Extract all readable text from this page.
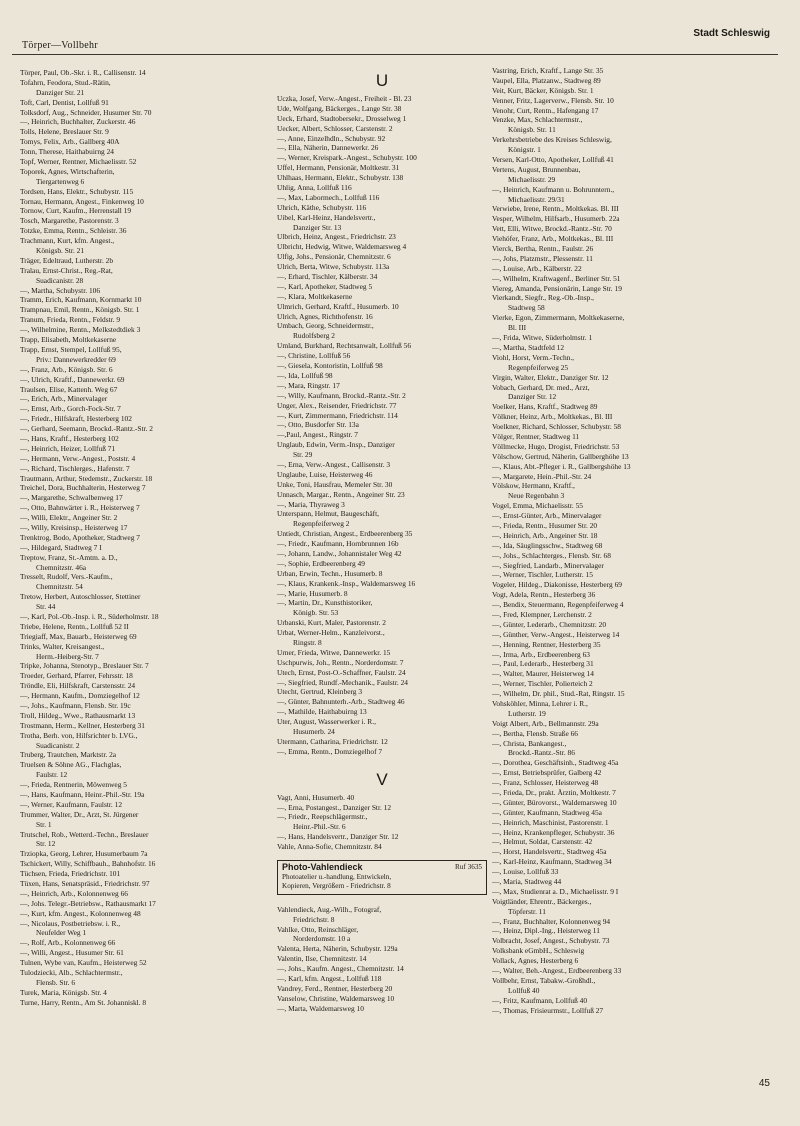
Törper—Vollbehr
Stadt Schleswig
Törper, Paul, Ob.-Skr. i. R., Callisenstr. 14
Tofahrn, Feodora, Stud.-Rätin,
Danziger Str. 21
Toft, Carl, Dentist, Lollfuß 91
Tolksdorf, Aug., Schneider, Husumer Str. 70
—, Heinrich, Buchhalter, Zuckerstr. 46
Tolls, Helene, Breslauer Str. 9
Tomys, Felix, Arb., Gallberg 40A
Tonn, Therese, Haithabuirng 24
Topf, Werner, Rentner, Michaelisstr. 52
Toporek, Agnes, Wirtschafterin,
Tiergartenweg 6
Tordsen, Hans, Elektr., Schubystr. 115
Tornau, Hermann, Angest., Finkenweg 10
Tornow, Curt, Kaufm., Herrenstall 19
Tosch, Margarethe, Pastorenstr. 3
Totzke, Emma, Rentn., Schleistr. 36
Trachmann, Kurt, kfm. Angest.,
Königsb. Str. 21
Träger, Edeltraud, Lutherstr. 2b
Tralau, Ernst-Christ., Reg.-Rat,
Suadicanistr. 28
—, Martha, Schubystr. 106
Tramm, Erich, Kaufmann, Kornmarkt 10
Trampnau, Emil, Rentn., Königsb. Str. 1
Tranum, Frieda, Rentn., Feldstr. 9
—, Wilhelmine, Rentn., Melkstedtdiek 3
Trapp, Elisabeth, Moltkekaserne
Trapp, Ernst, Stempel, Lollfuß 95,
Priv.: Dannewerkredder 69
—, Franz, Arb., Königsb. Str. 6
—, Ulrich, Kraftf., Dannewerkr. 69
Traulsen, Elise, Kattenh. Weg 67
—, Erich, Arb., Minervalager
—, Ernst, Arb., Gorch-Fock-Str. 7
—, Friedr., Hilfskraft, Hesterberg 102
—, Gerhard, Seemann, Brockd.-Rantz.-Str. 2
—, Hans, Kraftf., Hesterberg 102
—, Heinrich, Heizer, Lollfuß 71
—, Hermann, Verw.-Angest., Poststr. 4
—, Richard, Tischlerges., Hafenstr. 7
Trautmann, Arthur, Stedemstr., Zuckerstr. 18
Treichel, Dora, Buchhalterin, Hesterweg 7
—, Margarethe, Schwalbenweg 17
—, Otto, Bahnwärter i. R., Heisterweg 7
—, Willi, Elektr., Angeiner Str. 2
—, Willy, Kreisinsp., Heisterweg 17
Trenktrog, Bodo, Apotheker, Stadtweg 7
—, Hildegard, Stadtweg 7 I
Treptow, Franz, St.-Amtm. a. D.,
Chemnitzstr. 46a
Tresselt, Rudolf, Vers.-Kaufm.,
Chemnitzstr. 54
Tretow, Herbert, Autoschlosser, Stettiner
Str. 44
—, Karl, Pol.-Ob.-Insp. i. R., Süderholmstr. 18
Triebe, Helene, Rentn., Lollfuß 52 II
Triegiaff, Max, Bauarb., Heisterweg 69
Trinks, Walter, Kreisangest.,
Herm.-Heiberg-Str. 7
Tripke, Johanna, Stenotyp., Breslauer Str. 7
Troeder, Gerhard, Pfarrer, Fehrsstr. 18
Tröndle, Eli, Hilfskraft, Carstensstr. 24
—, Hermann, Kaufm., Domziegelhof 12
—, Johs., Kaufmann, Flensb. Str. 19c
Troll, Hildeg., Wwe., Rathausmarkt 13
Trostmann, Herm., Kellner, Hesterberg 31
Trotha, Berh. von, Hilfsrichter b. LVG.,
Suadicanistr. 2
Truberg, Trautchen, Marktstr. 2a
Truelsen & Söhne AG., Flachglas,
Faulstr. 12
—, Frieda, Rentnerin, Möwenweg 5
—, Hans, Kaufmann, Heinr.-Phil.-Str. 19a
—, Werner, Kaufmann, Faulstr. 12
Trummer, Walter, Dr., Arzt, St. Jürgener
Str. 1
Trutschel, Rob., Wetterd.-Techn., Breslauer
Str. 12
Trziopka, Georg, Lehrer, Husumerbaum 7a
Tschickert, Willy, Schiffbauh., Bahnhofstr. 16
Tüchsen, Frieda, Friedrichstr. 101
Tüxen, Hans, Senatspräsid., Friedrichstr. 97
—, Heinrich, Arb., Kolonnenweg 66
—, Johs. Telegr.-Betriebsw., Rathausmarkt 17
—, Kurt, kfm. Angest., Kolonnenweg 48
—, Nicolaus, Postbetriebsw. i. R.,
Neufelder Weg 1
—, Rolf, Arb., Kolonnenweg 66
—, Willi, Angest., Husumer Str. 61
Tulnen, Wybe van, Kaufm., Heisterweg 52
Tulodziecki, Alb., Schlachtermstr.,
Flensb. Str. 6
Turek, Maria, Königsb. Str. 4
Turne, Harry, Rentn., Am St. Johanniskl. 8
U
Uczka, Josef, Verw.-Angest., Freiheit - Bl. 23
Ude, Wolfgang, Bäckerges., Lange Str. 38
Ueck, Erhard, Stadtobersekr., Drosselweg 1
Uecker, Albert, Schlosser, Carstenstr. 2
—, Anne, Einzelhdln., Schubystr. 92
—, Ella, Näherin, Dannewerkr. 26
—, Werner, Kreispark.-Angest., Schubystr. 100
Uffel, Hermann, Pensionär, Moltkestr. 31
Uhlhaas, Hermann, Elektr., Schubystr. 138
Uhlig, Anna, Lollfuß 116
—, Max, Labormech., Lollfuß 116
Uhrich, Käthe, Schubystr. 116
Uibel, Karl-Heinz, Handelsvertr.,
Danziger Str. 13
Ulbrich, Heinz, Angest., Friedrichstr. 23
Ulbricht, Hedwig, Witwe, Waldemarsweg 4
Ulfig, Johs., Pensionär, Chemnitzstr. 6
Ulrich, Berta, Witwe, Schubystr. 113a
—, Erhard, Tischler, Kälberstr. 34
—, Karl, Apotheker, Stadtweg 5
—, Klara, Moltkekaserne
Ulmrich, Gerhard, Kraftf., Husumerb. 10
Ulrich, Agnes, Richthofenstr. 16
Umbach, Georg, Schneidermstr.,
Rudolfsberg 2
Umland, Burkhard, Rechtsanwalt, Lollfuß 56
—, Christine, Lollfuß 56
—, Giesela, Kontoristin, Lollfuß 98
—, Ida, Lollfuß 98
—, Mara, Ringstr. 17
—, Willy, Kaufmann, Brockd.-Rantz.-Str. 2
Unger, Alex., Reisender, Friedrichstr. 77
—, Kurt, Zimmermann, Friedrichstr. 114
—, Otto, Busdorfer Str. 13a
—,Paul, Angest., Ringstr. 7
Unglaub, Edwin, Verm.-Insp., Danziger
Str. 29
—, Erna, Verw.-Angest., Callisenstr. 3
Unglaube, Luise, Heisterweg 46
Unke, Toni, Hausfrau, Memeler Str. 30
Unnasch, Margar., Rentn., Angeiner Str. 23
—, Maria, Thyraweg 3
Unterspann, Helmut, Baugeschäft,
Regenpfeiferweg 2
Untiedt, Christian, Angest., Erdbeerenberg 35
—, Friedr., Kaufmann, Hornbrunnen 16b
—, Johann, Landw., Johannistaler Weg 42
—, Sophie, Erdbeerenberg 49
Urban, Erwin, Techn., Husumerb. 8
—, Klaus, Krankenk.-Insp., Waldemarsweg 16
—, Marie, Husumerb. 8
—, Martin, Dr., Kunsthistoriker,
Königb. Str. 53
Urbanski, Kurt, Maler, Pastorenstr. 2
Urbat, Werner-Helm., Kanzleivorst.,
Ringstr. 8
Urner, Frieda, Witwe, Dannewerkr. 15
Uschpurwis, Joh., Rentn., Norderdomstr. 7
Utech, Ernst, Post-O.-Schaffner, Faulstr. 24
—, Siegfried, Rundf.-Mechanik., Faulstr. 24
Utecht, Gertrud, Kleinberg 3
—, Günter, Bahnunterh.-Arb., Stadtweg 46
—, Mathilde, Haithabuirng 13
Uter, August, Wasserwerker i. R.,
Husumerb. 24
Utermann, Catharina, Friedrichstr. 12
—, Emma, Rentn., Domziegelhof 7
V
Vagt, Anni, Husumerb. 40
—, Erna, Postangest., Danziger Str. 12
—, Friedr., Reepschlägermstr.,
Heinr.-Phil.-Str. 6
—, Hans, Handelsvertr., Danziger Str. 12
Vahle, Anna-Sofie, Chemnitzstr. 84
Photo-Vahlendieck	Ruf 3635
Photoatelier u.-handlung, Entwickeln,
Kopieren, Vergrößern - Friedrichstr. 8
Vahlendieck, Aug.-Wilh., Fotograf,
Friedrichstr. 8
Vahlke, Otto, Reinschläger,
Norderdomstr. 10 a
Valenta, Herta, Näherin, Schubystr. 129a
Valentin, Ilse, Chemnitzstr. 14
—, Johs., Kaufm. Angest., Chemnitzstr. 14
—, Karl, kfm. Angest., Lollfuß 118
Vandrey, Ferd., Rentner, Hesterberg 20
Vanselow, Christine, Waldemarsweg 10
—, Marta, Waldemarsweg 10
Vastring, Erich, Kraftf., Lange Str. 35
Vaupel, Ella, Platzanw., Stadtweg 89
Veit, Kurt, Bäcker, Königsb. Str. 1
Venner, Fritz, Lagerverw., Flensb. Str. 10
Venohr, Curt, Rentn., Hafengang 17
Venzke, Max, Schlachtermstr.,
Königsb. Str. 11
Verkehrsbetriebe des Kreises Schleswig,
Königstr. 1
Versen, Karl-Otto, Apotheker, Lollfuß 41
Vertens, August, Brunnenbau,
Michaelisstr. 29
—, Heinrich, Kaufmann u. Bohrunntern.,
Michaelisstr. 29/31
Verwiebe, Irene, Rentn., Moltkekas. Bl. III
Vesper, Wilhelm, Hilfsarb., Husumerb. 22a
Vett, Elli, Witwe, Brockd.-Rantz.-Str. 70
Viehöfer, Franz, Arb., Moltkekas., Bl. III
Vierck, Bertha, Rentn., Faulstr. 26
—, Johs, Platzmstr., Plessenstr. 11
—, Louise, Arb., Kälberstr. 22
—, Wilhelm, Kraftwagenf., Berliner Str. 51
Viereg, Amanda, Pensionärin, Lange Str. 19
Vierkandt, Siegfr., Reg.-Ob.-Insp.,
Stadtweg 58
Vierke, Egon, Zimmermann, Moltkekaserne,
Bl. III
—, Frida, Witwe, Süderholmstr. 1
—, Martha, Stadtfeld 12
Viohl, Horst, Verm.-Techn.,
Regenpfeiferweg 25
Virgin, Walter, Elektr., Danziger Str. 12
Vobach, Gerhard, Dr. med., Arzt,
Danziger Str. 12
Voelker, Hans, Kraftf., Stadtweg 89
Völkner, Heinz, Arb., Moltkekas., Bl. III
Voelkner, Richard, Schlosser, Schubystr. 58
Völger, Rentner, Stadtweg 11
Völlmecke, Hugo, Drogist, Friedrichstr. 53
Völschow, Gertrud, Näherin, Gallberghöhe 13
—, Klaus, Abt.-Pfleger i. R., Gallbergshöhe 13
—, Margarete, Hein.-Phil.-Str. 24
Völskow, Hermann, Kraftf.,
Neue Regenbahn 3
Vogel, Emma, Michaelisstr. 55
—, Ernst-Günter, Arb., Minervalager
—, Frieda, Rentn., Husumer Str. 20
—, Heinrich, Arb., Angeiner Str. 18
—, Ida, Säuglingsschw., Stadtweg 68
—, Johs., Schlachterges., Flensb. Str. 68
—, Siegfried, Landarb., Minervalager
—, Werner, Tischler, Lutherstr. 15
Vogeler, Hildeg., Diakonisse, Hesterberg 69
Vogt, Adela, Rentn., Hesterberg 36
—, Bendix, Steuermann, Regenpfeiferweg 4
—, Fred, Klempner, Lerchenstr. 2
—, Günter, Lederarb., Chemnitzstr. 20
—, Günther, Verw.-Angest., Heisterweg 14
—, Henning, Rentner, Hesterberg 35
—, Irma, Arb., Erdbeerenberg 63
—, Paul, Lederarb., Hesterberg 31
—, Walter, Maurer, Heisterweg 14
—, Werner, Tischler, Polierteich 2
—, Wilhelm, Dr. phil., Stud.-Rat, Ringstr. 15
Vohsköhler, Minna, Lehrer i. R.,
Lutherstr. 19
Voigt Albert, Arb., Bellmannstr. 29a
—, Bertha, Flensb. Straße 66
—, Christa, Bankangest.,
Brockd.-Rantz.-Str. 86
—, Dorothea, Geschäftsinh., Stadtweg 45a
—, Ernst, Betriebsprüfer, Galberg 42
—, Franz, Schlosser, Heisterweg 48
—, Frieda, Dr., prakt. Ärztin, Moltkestr. 7
—, Günter, Bürovorst., Waldemarsweg 10
—, Günter, Kaufmann, Stadtweg 45a
—, Heinrich, Maschinist, Pastorenstr. 1
—, Heinz, Krankenpfleger, Schubystr. 36
—, Helmut, Soldat, Carstenstr. 42
—, Horst, Handelsvertr., Stadtweg 45a
—, Karl-Heinz, Kaufmann, Stadtweg 34
—, Louise, Lollfuß 33
—, Maria, Stadtweg 44
—, Max, Studienrat a. D., Michaelisstr. 9 I
Voigtländer, Ehrentr., Bäckerges.,
Töpferstr. 11
—, Franz, Buchhalter, Kolonnenweg 94
—, Heinz, Dipl.-Ing., Heisterweg 11
Volbracht, Josef, Angest., Schubystr. 73
Volksbank eGmbH., Schleswig
Vollack, Agnes, Hesterberg 6
—, Walter, Beh.-Angest., Erdbeerenberg 33
Vollbehr, Ernst, Tabakw.-Großhdl.,
Lollfuß 40
—, Fritz, Kaufmann, Lollfuß 40
—, Thomas, Frisieurmstr., Lollfuß 27
45
